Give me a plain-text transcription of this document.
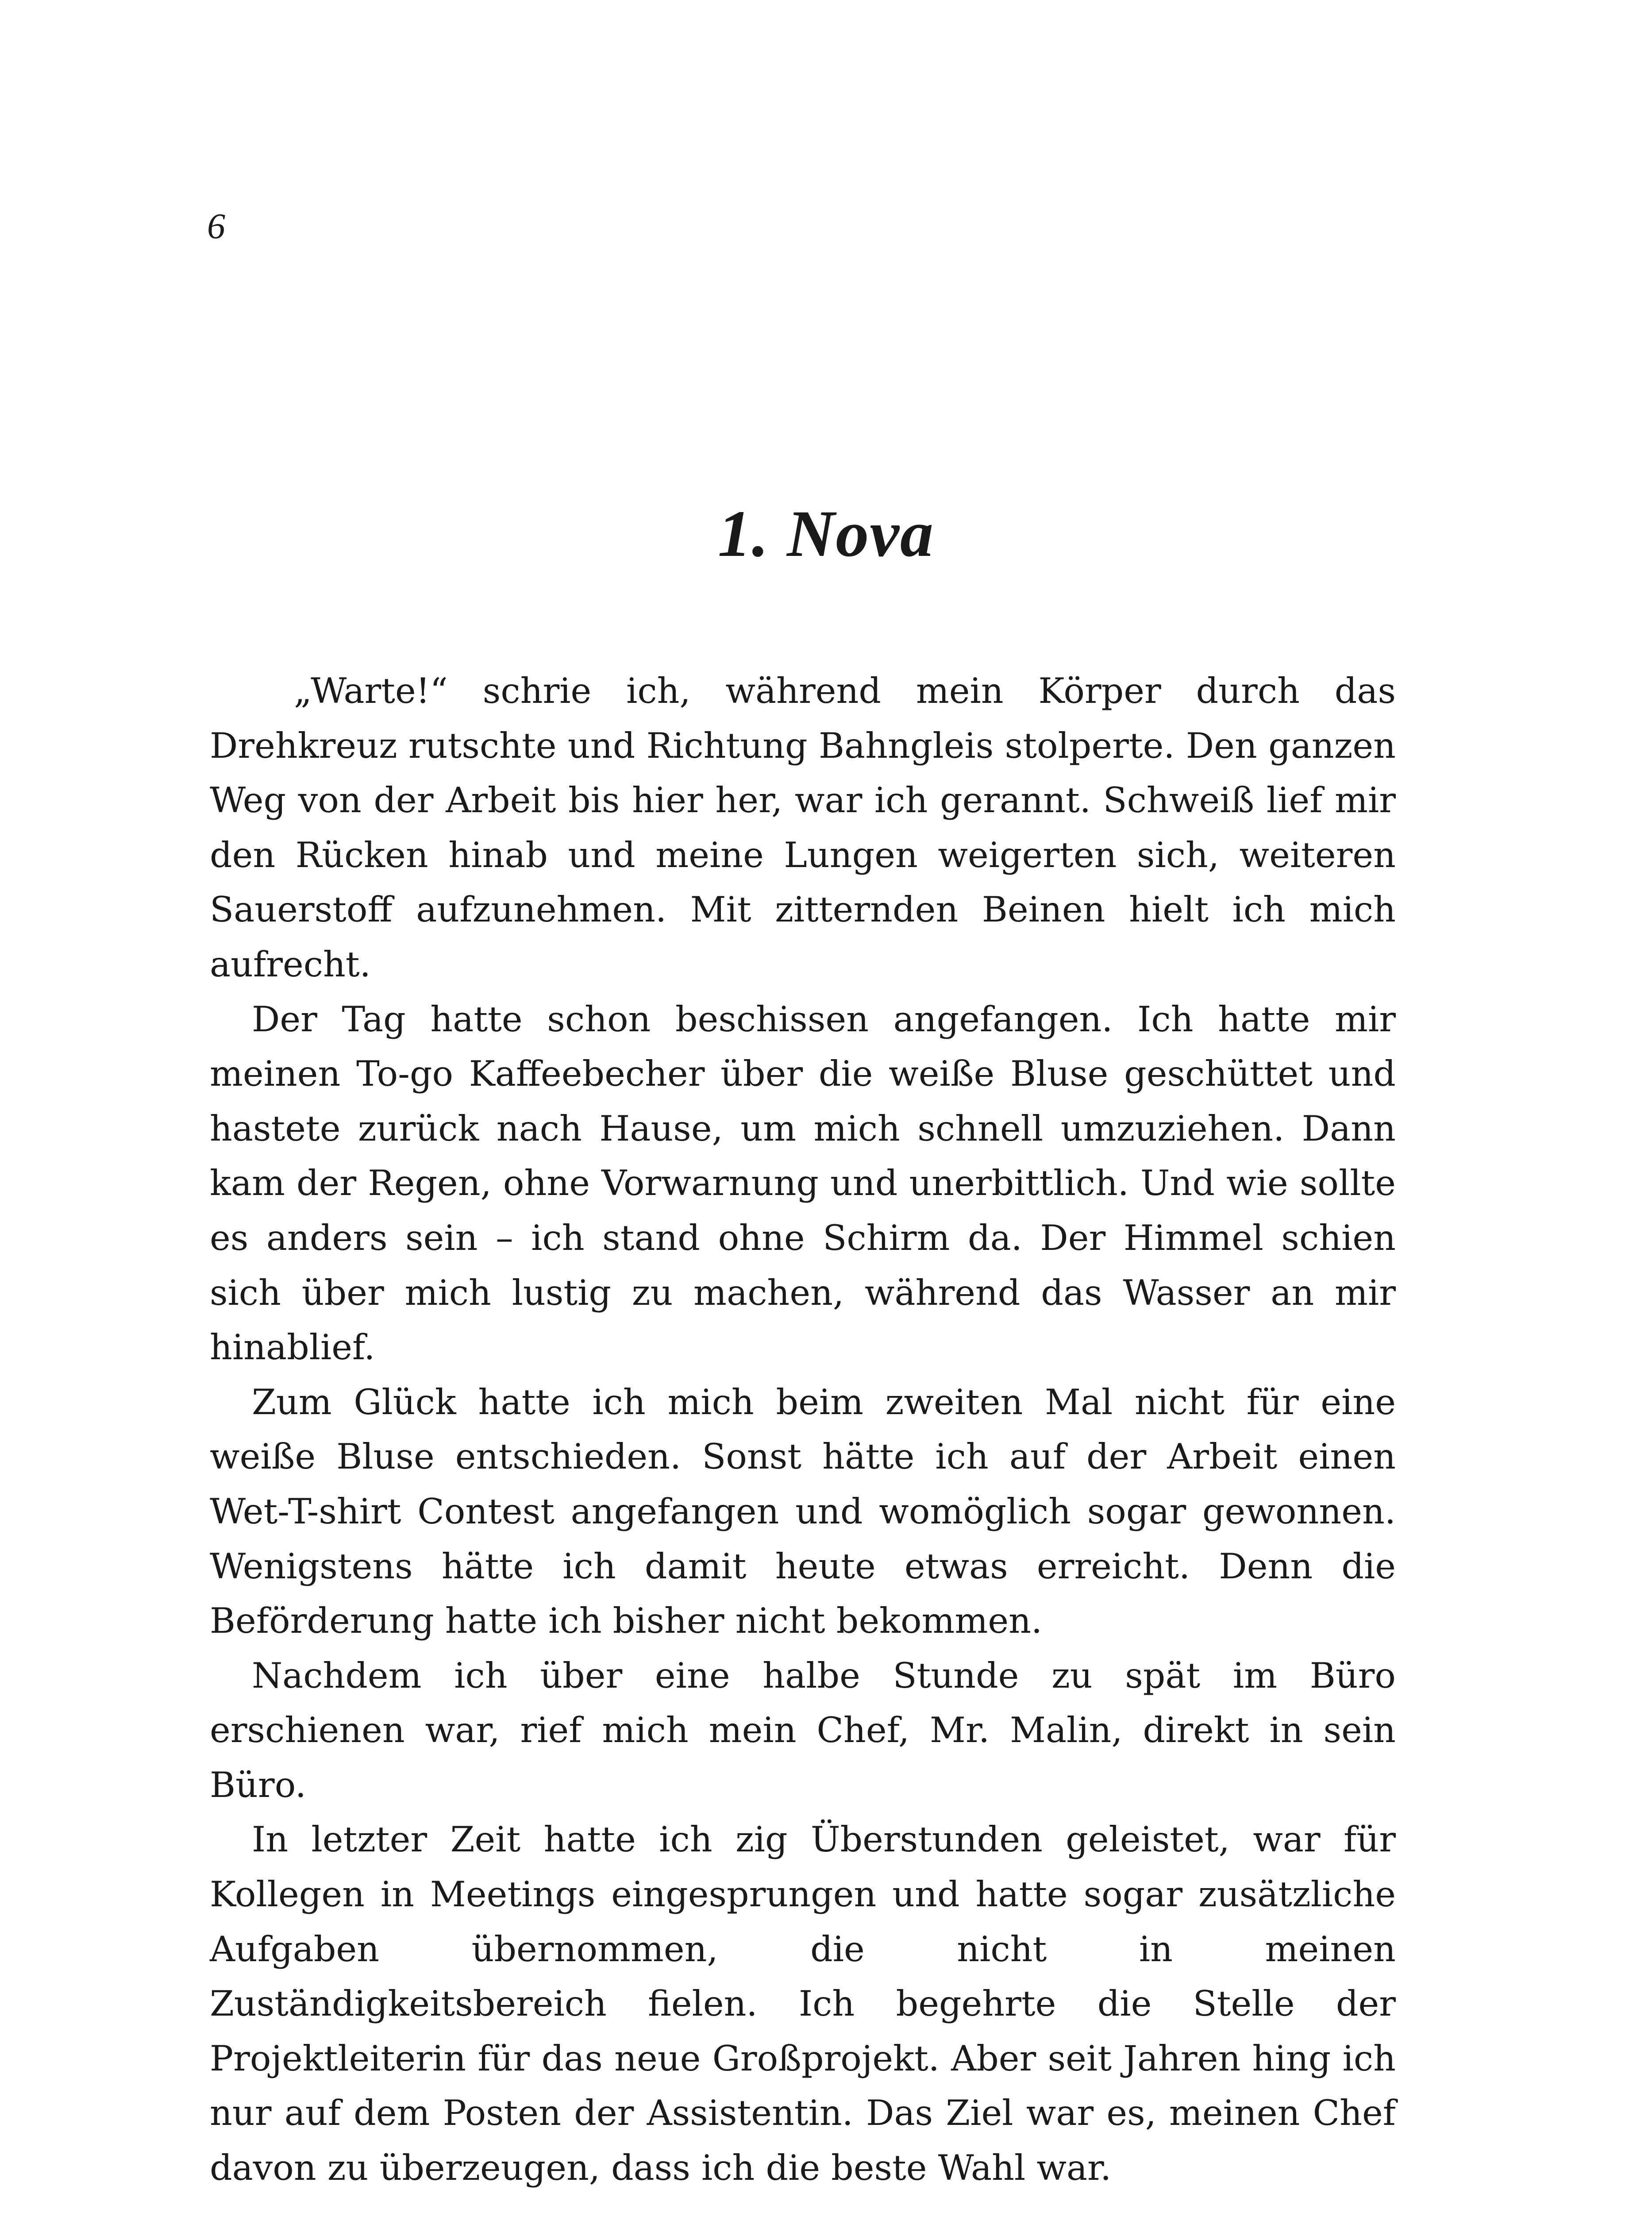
6
1. Nova

„Warte!“ schrie ich, während mein Körper durch das Drehkreuz rutschte und Richtung Bahngleis stolperte. Den ganzen Weg von der Arbeit bis hier her, war ich gerannt. Schweiß lief mir den Rücken hinab und meine Lungen weigerten sich, weiteren Sauerstoff aufzunehmen. Mit zitternden Beinen hielt ich mich aufrecht.

Der Tag hatte schon beschissen angefangen. Ich hatte mir meinen To-go Kaffeebecher über die weiße Bluse geschüttet und hastete zurück nach Hause, um mich schnell umzuziehen. Dann kam der Regen, ohne Vorwarnung und unerbittlich. Und wie sollte es anders sein – ich stand ohne Schirm da. Der Himmel schien sich über mich lustig zu machen, während das Wasser an mir hinablief.

Zum Glück hatte ich mich beim zweiten Mal nicht für eine weiße Bluse entschieden. Sonst hätte ich auf der Arbeit einen Wet-T-shirt Contest angefangen und womöglich sogar gewonnen. Wenigstens hätte ich damit heute etwas erreicht. Denn die Beförderung hatte ich bisher nicht bekommen.

Nachdem ich über eine halbe Stunde zu spät im Büro erschienen war, rief mich mein Chef, Mr. Malin, direkt in sein Büro.

In letzter Zeit hatte ich zig Überstunden geleistet, war für Kollegen in Meetings eingesprungen und hatte sogar zusätzliche Aufgaben übernommen, die nicht in meinen Zuständigkeitsbereich fielen. Ich begehrte die Stelle der Projektleiterin für das neue Großprojekt. Aber seit Jahren hing ich nur auf dem Posten der Assistentin. Das Ziel war es, meinen Chef davon zu überzeugen, dass ich die beste Wahl war.
